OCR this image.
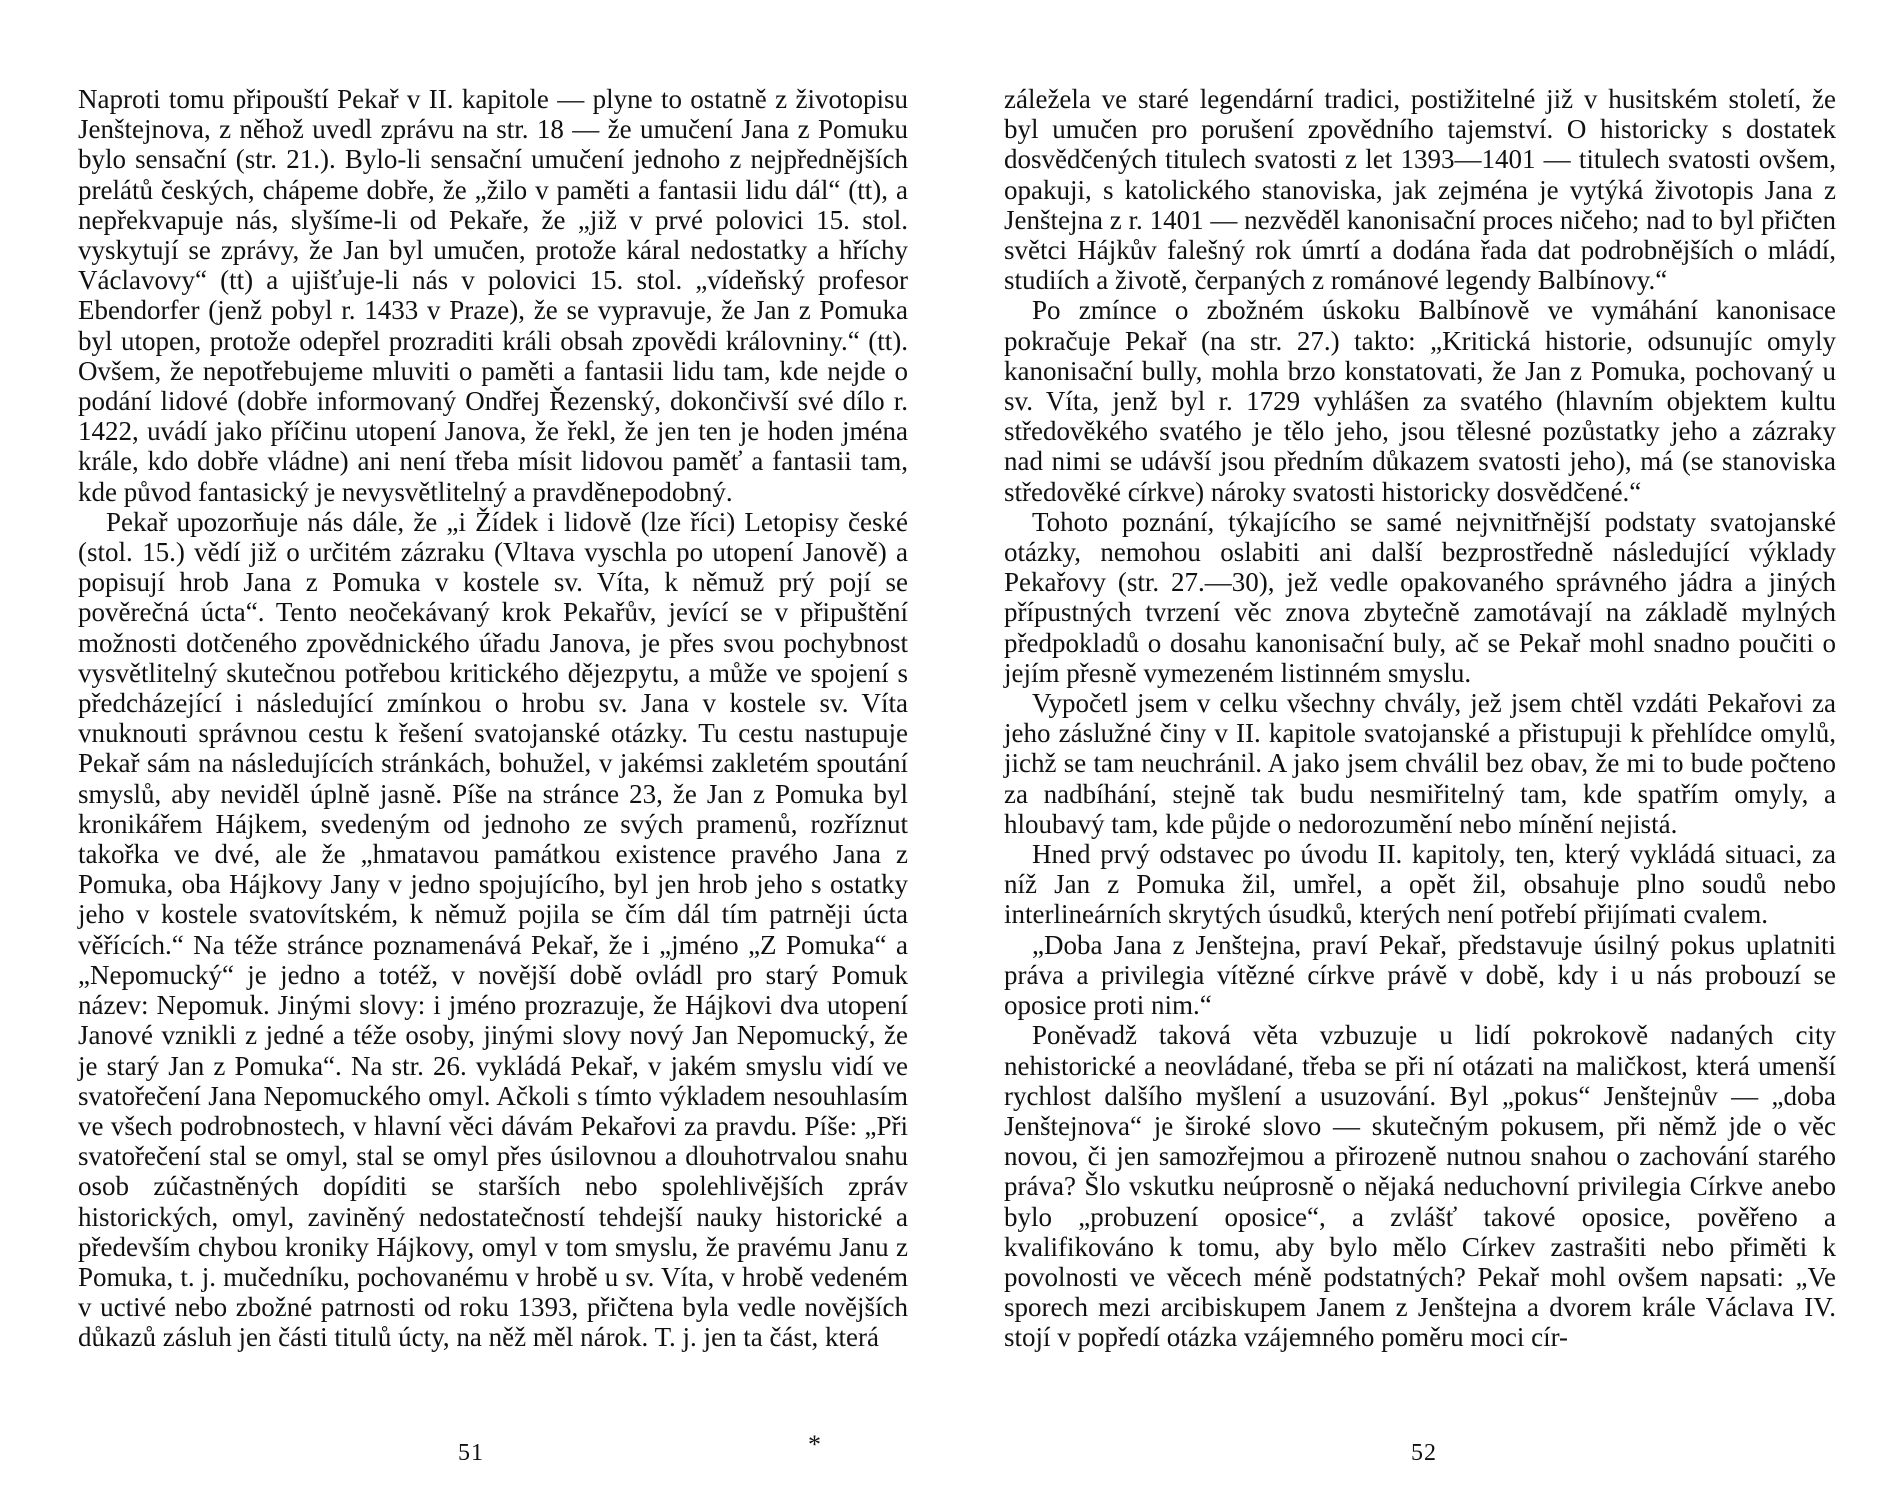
Naproti tomu připouští Pekař v II. kapitole — plyne to ostatně z životopisu Jenštejnova, z něhož uvedl zprávu na str. 18 — že umučení Jana z Pomuku bylo sensační (str. 21.). Bylo-li sensační umučení jednoho z nejpřednějších prelátů českých, chápeme dobře, že „žilo v paměti a fantasii lidu dál“ (tt), a nepřekvapuje nás, slyšíme-li od Pekaře, že „již v prvé polovici 15. stol. vyskytují se zprávy, že Jan byl umučen, protože káral nedostatky a hříchy Václavovy“ (tt) a ujišťuje-li nás v polovici 15. stol. „vídeňský profesor Ebendorfer (jenž pobyl r. 1433 v Praze), že se vypravuje, že Jan z Pomuka byl utopen, protože odepřel prozraditi králi obsah zpovědi královniny.“ (tt). Ovšem, že nepotřebujeme mluviti o paměti a fantasii lidu tam, kde nejde o podání lidové (dobře informovaný Ondřej Řezenský, dokončivší své dílo r. 1422, uvádí jako příčinu utopení Janova, že řekl, že jen ten je hoden jména krále, kdo dobře vládne) ani není třeba mísit lidovou paměť a fantasii tam, kde původ fantasický je nevysvětlitelný a pravděnepodobný.

Pekař upozorňuje nás dále, že „i Žídek i lidově (lze říci) Letopisy české (stol. 15.) vědí již o určitém zázraku (Vltava vyschla po utopení Janově) a popisují hrob Jana z Pomuka v kostele sv. Víta, k němuž prý pojí se pověrečná úcta“. Tento neočekávaný krok Pekařův, jevící se v připuštění možnosti dotčeného zpovědnického úřadu Janova, je přes svou pochybnost vysvětlitelný skutečnou potřebou kritického dějezpytu, a může ve spojení s předcházející i následující zmínkou o hrobu sv. Jana v kostele sv. Víta vnuknouti správnou cestu k řešení svatojanské otázky. Tu cestu nastupuje Pekař sám na následujících stránkách, bohužel, v jakémsi zakletém spoutání smyslů, aby neviděl úplně jasně. Píše na stránce 23, že Jan z Pomuka byl kronikářem Hájkem, svedeným od jednoho ze svých pramenů, rozříznut takořka ve dvé, ale že „hmatavou památkou existence pravého Jana z Pomuka, oba Hájkovy Jany v jedno spojujícího, byl jen hrob jeho s ostatky jeho v kostele svatovítském, k němuž pojila se čím dál tím patrněji úcta věřících.“ Na téže stránce poznamenává Pekař, že i „jméno „Z Pomuka“ a „Nepomucký“ je jedno a totéž, v novější době ovládl pro starý Pomuk název: Nepomuk. Jinými slovy: i jméno prozrazuje, že Hájkovi dva utopení Janové vznikli z jedné a téže osoby, jinými slovy nový Jan Nepomucký, že je starý Jan z Pomuka“. Na str. 26. vykládá Pekař, v jakém smyslu vidí ve svatořečení Jana Nepomuckého omyl. Ačkoli s tímto výkladem nesouhlasím ve všech podrobnostech, v hlavní věci dávám Pekařovi za pravdu. Píše: „Při svatořečení stal se omyl, stal se omyl přes úsilovnou a dlouhotrvalou snahu osob zúčastněných dopíditi se starších nebo spolehlivějších zpráv historických, omyl, zaviněný nedostatečností tehdejší nauky historické a především chybou kroniky Hájkovy, omyl v tom smyslu, že pravému Janu z Pomuka, t. j. mučedníku, pochovanému v hrobě u sv. Víta, v hrobě vedeném v uctivé nebo zbožné patrnosti od roku 1393, přičtena byla vedle novějších důkazů zásluh jen části titulů úcty, na něž měl nárok. T. j. jen ta část, která

záležela ve staré legendární tradici, postižitelné již v husitském století, že byl umučen pro porušení zpovědního tajemství. O historicky s dostatek dosvědčených titulech svatosti z let 1393—1401 — titulech svatosti ovšem, opakuji, s katolického stanoviska, jak zejména je vytýká životopis Jana z Jenštejna z r. 1401 — nezvěděl kanonisační proces ničeho; nad to byl přičten světci Hájkův falešný rok úmrtí a dodána řada dat podrobnějších o mládí, studiích a životě, čerpaných z románové legendy Balbínovy.“

Po zmínce o zbožném úskoku Balbínově ve vymáhání kanonisace pokračuje Pekař (na str. 27.) takto: „Kritická historie, odsunujíc omyly kanonisační bully, mohla brzo konstatovati, že Jan z Pomuka, pochovaný u sv. Víta, jenž byl r. 1729 vyhlášen za svatého (hlavním objektem kultu středověkého svatého je tělo jeho, jsou tělesné pozůstatky jeho a zázraky nad nimi se udávší jsou předním důkazem svatosti jeho), má (se stanoviska středověké církve) nároky svatosti historicky dosvědčené.“

Tohoto poznání, týkajícího se samé nejvnitřnější podstaty svatojanské otázky, nemohou oslabiti ani další bezprostředně následující výklady Pekařovy (str. 27.—30), jež vedle opakovaného správného jádra a jiných přípustných tvrzení věc znova zbytečně zamotávají na základě mylných předpokladů o dosahu kanonisační buly, ač se Pekař mohl snadno poučiti o jejím přesně vymezeném listinném smyslu.

Vypočetl jsem v celku všechny chvály, jež jsem chtěl vzdáti Pekařovi za jeho záslužné činy v II. kapitole svatojanské a přistupuji k přehlídce omylů, jichž se tam neuchránil. A jako jsem chválil bez obav, že mi to bude počteno za nadbíhání, stejně tak budu nesmiřitelný tam, kde spatřím omyly, a hloubavý tam, kde půjde o nedorozumění nebo mínění nejistá.

Hned prvý odstavec po úvodu II. kapitoly, ten, který vykládá situaci, za níž Jan z Pomuka žil, umřel, a opět žil, obsahuje plno soudů nebo interlineárních skrytých úsudků, kterých není potřebí přijímati cvalem.

„Doba Jana z Jenštejna, praví Pekař, představuje úsilný pokus uplatniti práva a privilegia vítězné církve právě v době, kdy i u nás probouzí se oposice proti nim.“

Poněvadž taková věta vzbuzuje u lidí pokrokově nadaných city nehistorické a neovládané, třeba se při ní otázati na maličkost, která umenší rychlost dalšího myšlení a usuzování. Byl „pokus“ Jenštejnův — „doba Jenštejnova“ je široké slovo — skutečným pokusem, při němž jde o věc novou, či jen samozřejmou a přirozeně nutnou snahou o zachování starého práva? Šlo vskutku neúprosně o nějaká neduchovní privilegia Církve anebo bylo „probuzení oposice“, a zvlášť takové oposice, pověřeno a kvalifikováno k tomu, aby bylo mělo Církev zastrašiti nebo přiměti k povolnosti ve věcech méně podstatných? Pekař mohl ovšem napsati: „Ve sporech mezi arcibiskupem Janem z Jenštejna a dvorem krále Václava IV. stojí v popředí otázka vzájemného poměru moci cír-

51	*	52
